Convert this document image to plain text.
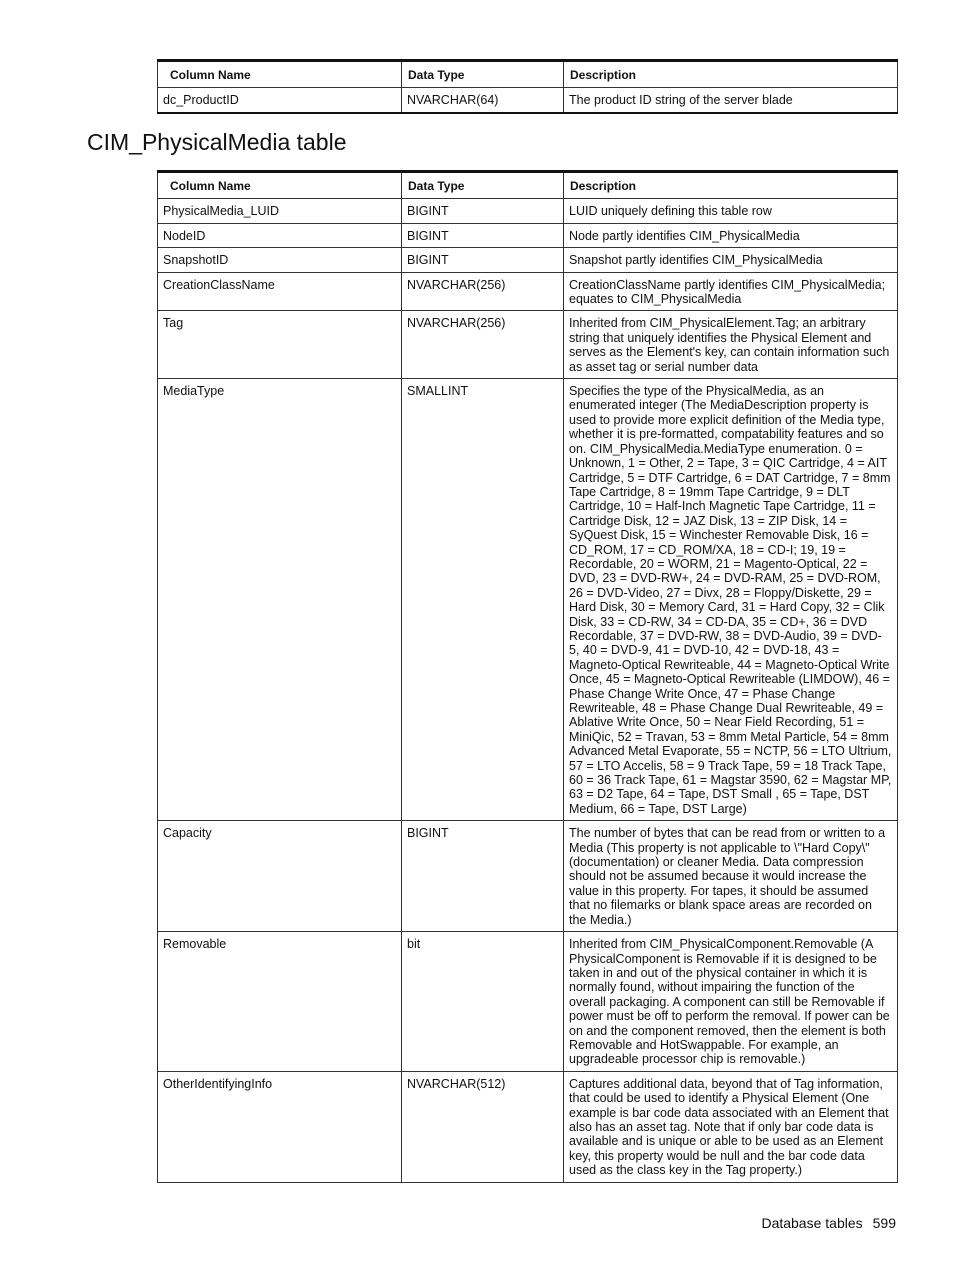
Column Name	Data Type	Description
dc_ProductID	NVARCHAR(64)	The product ID string of the server blade
CIM_PhysicalMedia table
Column Name	Data Type	Description
PhysicalMedia_LUID	BIGINT	LUID uniquely defining this table row
NodeID	BIGINT	Node partly identifies CIM_PhysicalMedia
SnapshotID	BIGINT	Snapshot partly identifies CIM_PhysicalMedia
CreationClassName	NVARCHAR(256)	CreationClassName partly identifies CIM_PhysicalMedia; equates to CIM_PhysicalMedia
Tag	NVARCHAR(256)	Inherited from CIM_PhysicalElement.Tag; an arbitrary string that uniquely identifies the Physical Element and serves as the Element's key, can contain information such as asset tag or serial number data
MediaType	SMALLINT	Specifies the type of the PhysicalMedia, as an enumerated integer (The MediaDescription property is used to provide more explicit definition of the Media type, whether it is pre-formatted, compatability features and so on. CIM_PhysicalMedia.MediaType enumeration. 0 = Unknown, 1 = Other, 2 = Tape, 3 = QIC Cartridge, 4 = AIT Cartridge, 5 = DTF Cartridge, 6 = DAT Cartridge, 7 = 8mm Tape Cartridge, 8 = 19mm Tape Cartridge, 9 = DLT Cartridge, 10 = Half-Inch Magnetic Tape Cartridge, 11 = Cartridge Disk, 12 = JAZ Disk, 13 = ZIP Disk, 14 = SyQuest Disk, 15 = Winchester Removable Disk, 16 = CD_ROM, 17 = CD_ROM/XA, 18 = CD-I; 19, 19 = Recordable, 20 = WORM, 21 = Magento-Optical, 22 = DVD, 23 = DVD-RW+, 24 = DVD-RAM, 25 = DVD-ROM, 26 = DVD-Video, 27 = Divx, 28 = Floppy/Diskette, 29 = Hard Disk, 30 = Memory Card, 31 = Hard Copy, 32 = Clik Disk, 33 = CD-RW, 34 = CD-DA, 35 = CD+, 36 = DVD Recordable, 37 = DVD-RW, 38 = DVD-Audio, 39 = DVD-5, 40 = DVD-9, 41 = DVD-10, 42 = DVD-18, 43 = Magneto-Optical Rewriteable, 44 = Magneto-Optical Write Once, 45 = Magneto-Optical Rewriteable (LIMDOW), 46 = Phase Change Write Once, 47 = Phase Change Rewriteable, 48 = Phase Change Dual Rewriteable, 49 = Ablative Write Once, 50 = Near Field Recording, 51 = MiniQic, 52 = Travan, 53 = 8mm Metal Particle, 54 = 8mm Advanced Metal Evaporate, 55 = NCTP, 56 = LTO Ultrium, 57 = LTO Accelis, 58 = 9 Track Tape, 59 = 18 Track Tape, 60 = 36 Track Tape, 61 = Magstar 3590, 62 = Magstar MP, 63 = D2 Tape, 64 = Tape, DST Small , 65 = Tape, DST Medium, 66 = Tape, DST Large)
Capacity	BIGINT	The number of bytes that can be read from or written to a Media (This property is not applicable to \"Hard Copy\" (documentation) or cleaner Media. Data compression should not be assumed because it would increase the value in this property. For tapes, it should be assumed that no filemarks or blank space areas are recorded on the Media.)
Removable	bit	Inherited from CIM_PhysicalComponent.Removable (A PhysicalComponent is Removable if it is designed to be taken in and out of the physical container in which it is normally found, without impairing the function of the overall packaging. A component can still be Removable if power must be off to perform the removal. If power can be on and the component removed, then the element is both Removable and HotSwappable. For example, an upgradeable processor chip is removable.)
OtherIdentifyingInfo	NVARCHAR(512)	Captures additional data, beyond that of Tag information, that could be used to identify a Physical Element (One example is bar code data associated with an Element that also has an asset tag. Note that if only bar code data is available and is unique or able to be used as an Element key, this property would be null and the bar code data used as the class key in the Tag property.)
Database tables 599
